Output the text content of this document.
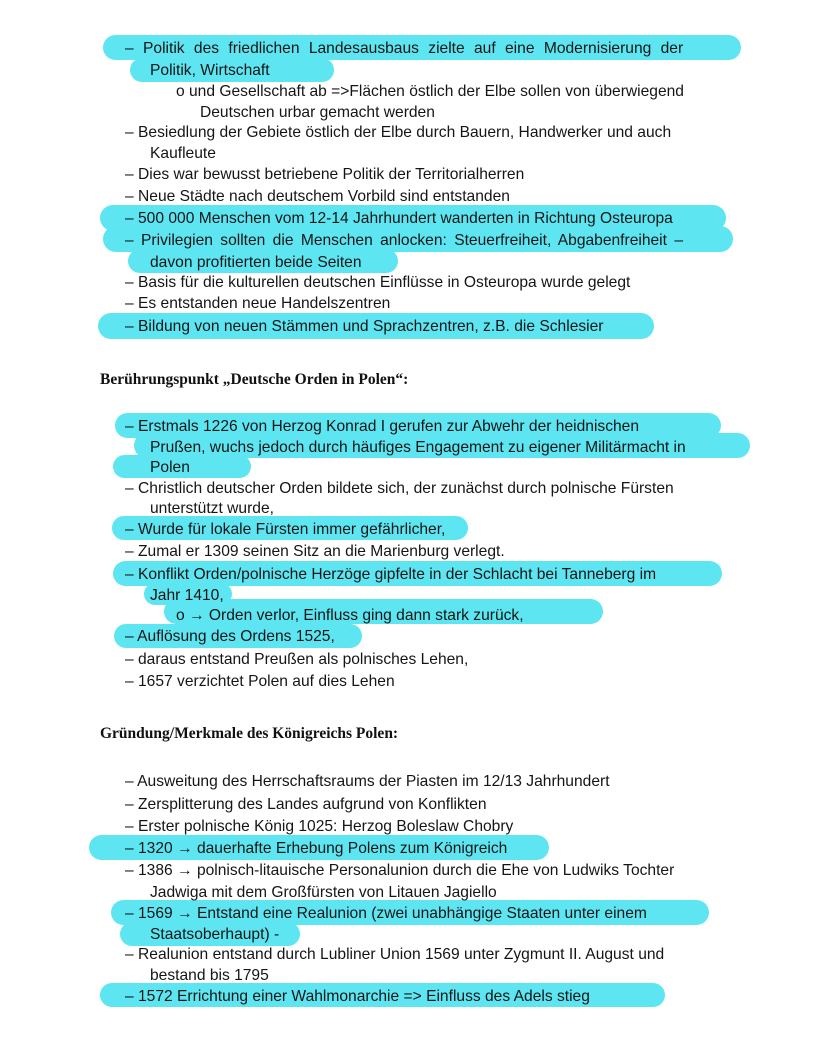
– Politik des friedlichen Landesausbaus zielte auf eine Modernisierung der
Politik, Wirtschaft
o und Gesellschaft ab =>Flächen östlich der Elbe sollen von überwiegend
Deutschen urbar gemacht werden
– Besiedlung der Gebiete östlich der Elbe durch Bauern, Handwerker und auch
Kaufleute
– Dies war bewusst betriebene Politik der Territorialherren
– Neue Städte nach deutschem Vorbild sind entstanden
– 500 000 Menschen vom 12-14 Jahrhundert wanderten in Richtung Osteuropa
– Privilegien sollten die Menschen anlocken: Steuerfreiheit, Abgabenfreiheit –
davon profitierten beide Seiten
– Basis für die kulturellen deutschen Einflüsse in Osteuropa wurde gelegt
– Es entstanden neue Handelszentren
– Bildung von neuen Stämmen und Sprachzentren, z.B. die Schlesier
Berührungspunkt „Deutsche Orden in Polen“:
– Erstmals 1226 von Herzog Konrad I gerufen zur Abwehr der heidnischen
Prußen, wuchs jedoch durch häufiges Engagement zu eigener Militärmacht in
Polen
– Christlich deutscher Orden bildete sich, der zunächst durch polnische Fürsten
unterstützt wurde,
– Wurde für lokale Fürsten immer gefährlicher,
– Zumal er 1309 seinen Sitz an die Marienburg verlegt.
– Konflikt Orden/polnische Herzöge gipfelte in der Schlacht bei Tanneberg im
Jahr 1410,
o → Orden verlor, Einfluss ging dann stark zurück,
– Auflösung des Ordens 1525,
– daraus entstand Preußen als polnisches Lehen,
– 1657 verzichtet Polen auf dies Lehen
Gründung/Merkmale des Königreichs Polen:
– Ausweitung des Herrschaftsraums der Piasten im 12/13 Jahrhundert
– Zersplitterung des Landes aufgrund von Konflikten
– Erster polnische König 1025: Herzog Boleslaw Chobry
– 1320 → dauerhafte Erhebung Polens zum Königreich
– 1386 → polnisch-litauische Personalunion durch die Ehe von Ludwiks Tochter
Jadwiga mit dem Großfürsten von Litauen Jagiello
– 1569 → Entstand eine Realunion (zwei unabhängige Staaten unter einem
Staatsoberhaupt) -
– Realunion entstand durch Lubliner Union 1569 unter Zygmunt II. August und
bestand bis 1795
– 1572 Errichtung einer Wahlmonarchie => Einfluss des Adels stieg
